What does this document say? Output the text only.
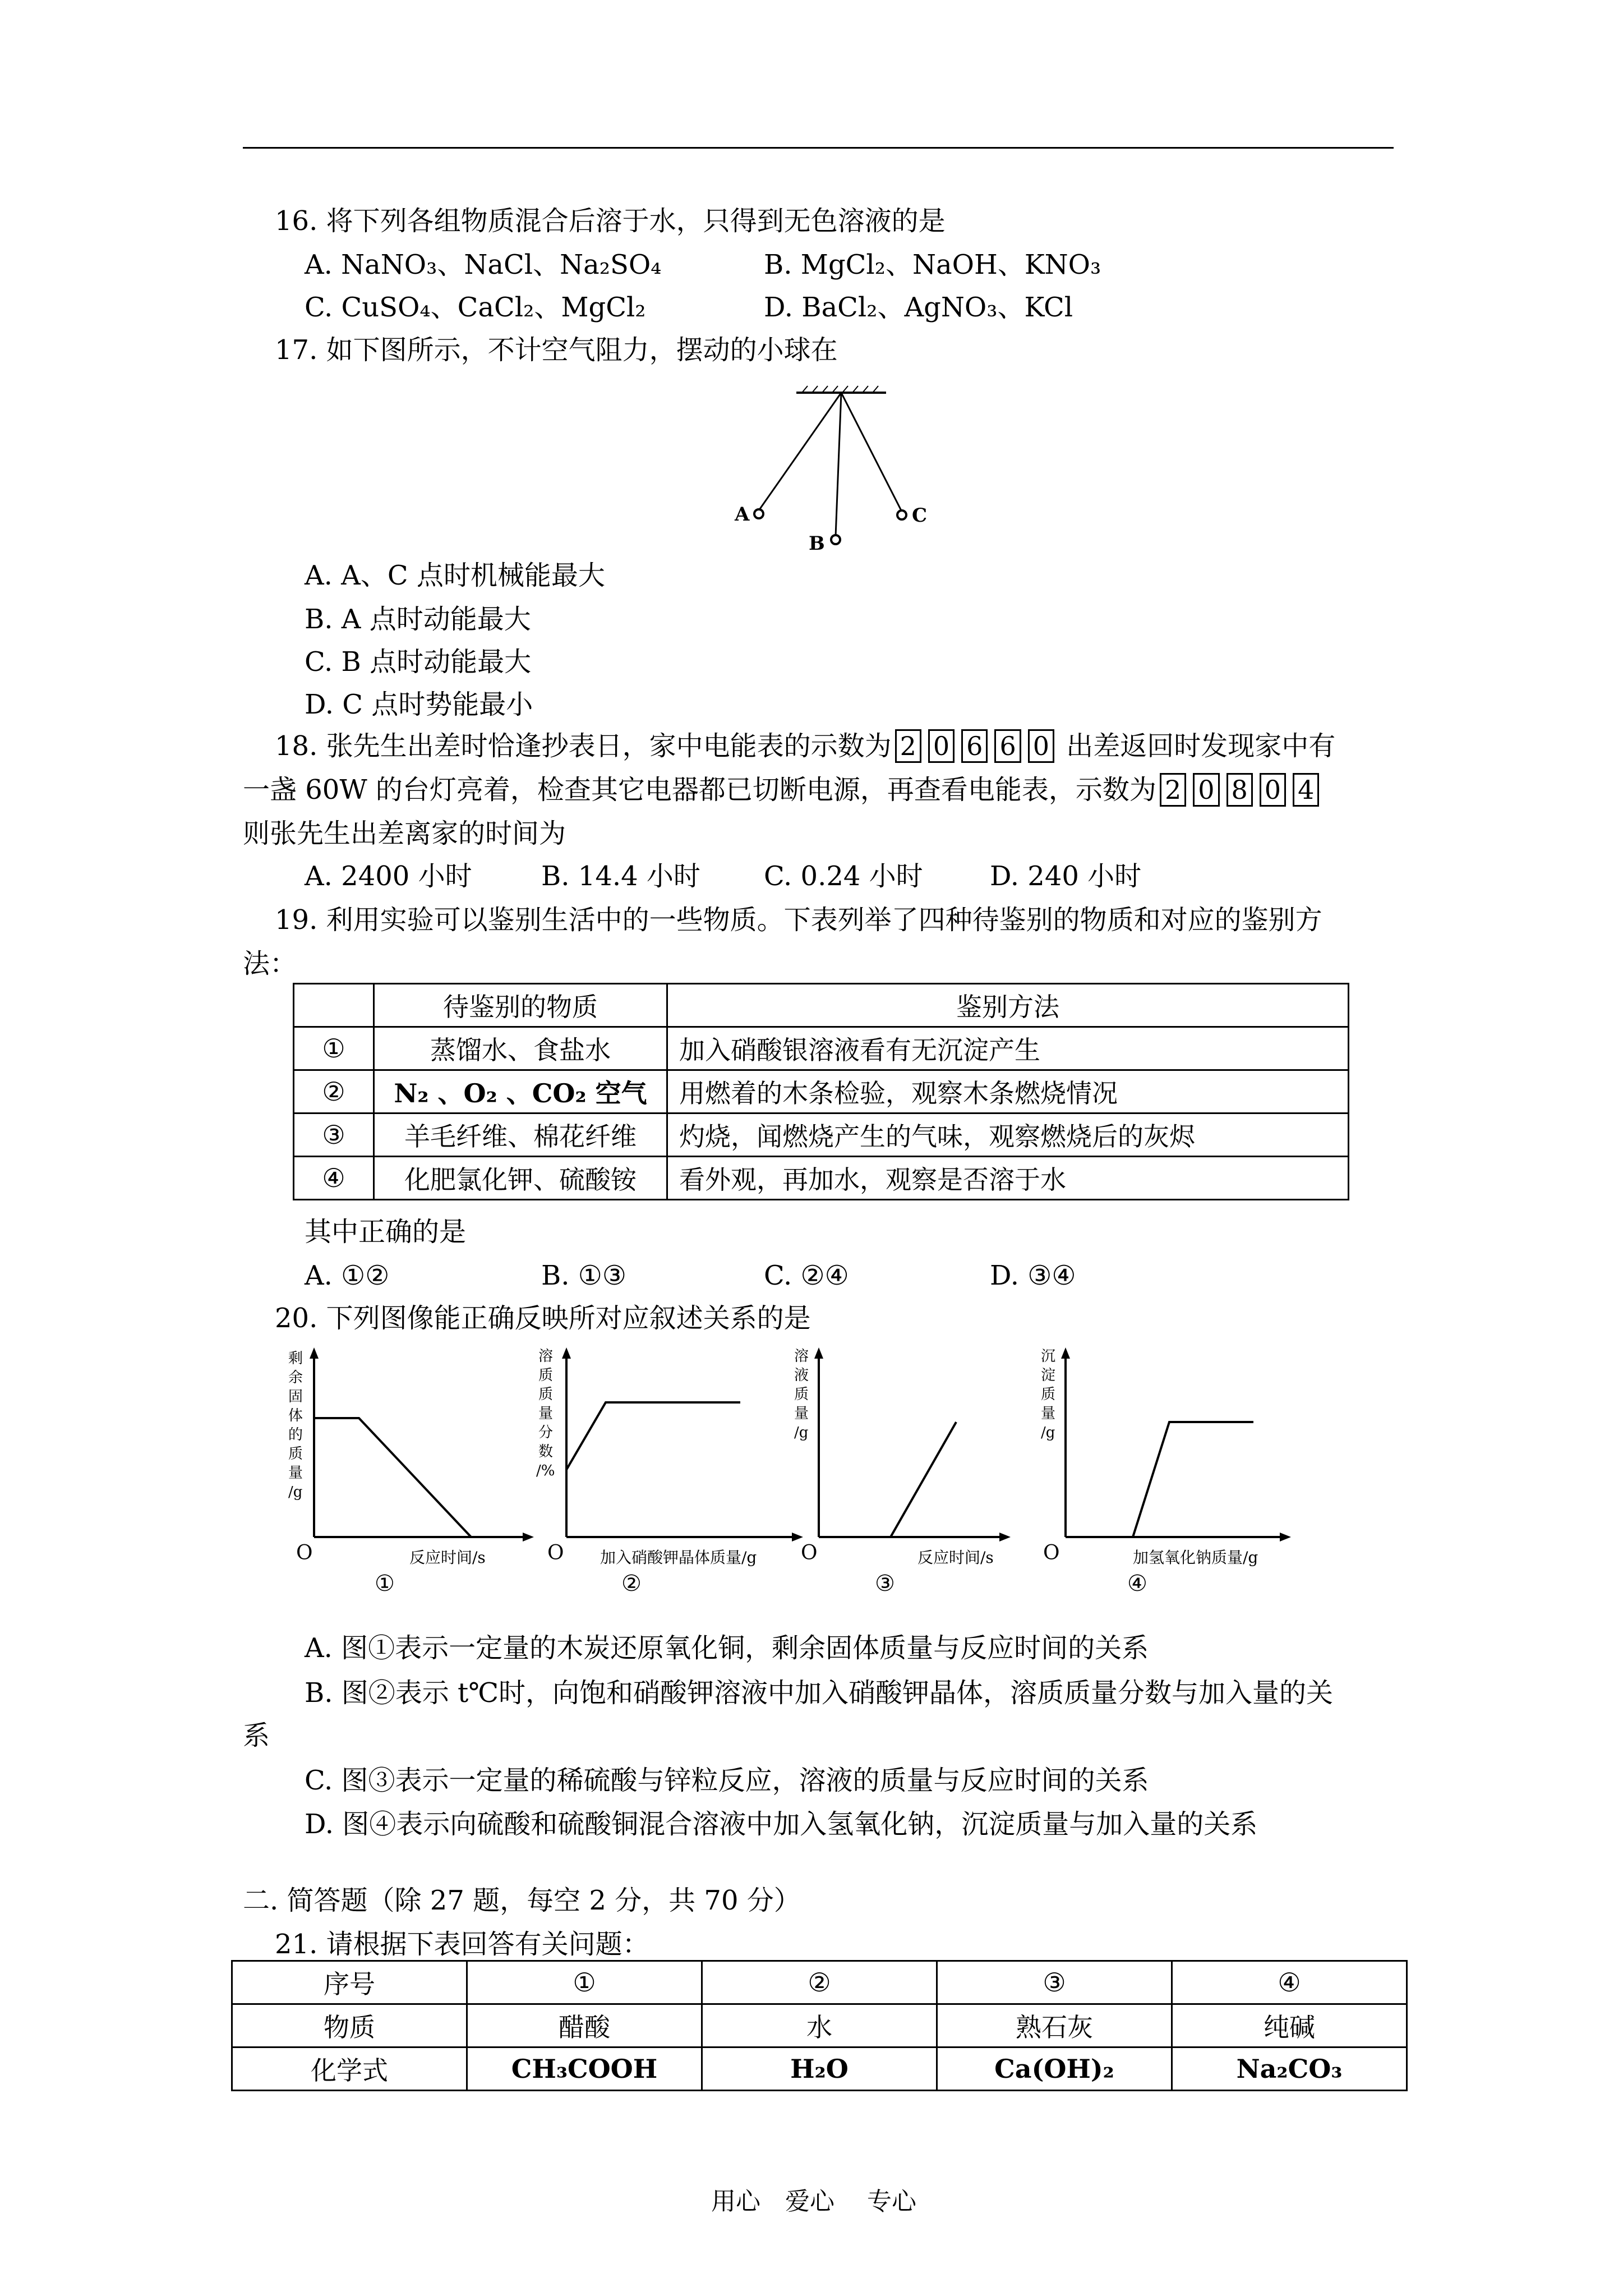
16. 将下列各组物质混合后溶于水，只得到无色溶液的是
A. NaNO₃、NaCl、Na₂SO₄	B. MgCl₂、NaOH、KNO₃
C. CuSO₄、CaCl₂、MgCl₂	D. BaCl₂、AgNO₃、KCl
17. 如下图所示，不计空气阻力，摆动的小球在
A
B
C
A. A、C 点时机械能最大
B. A 点时动能最大
C. B 点时动能最大
D. C 点时势能最小
18. 张先生出差时恰逢抄表日，家中电能表的示数为 2 0 6 6 0 出差返回时发现家中有
一盏 60W 的台灯亮着，检查其它电器都已切断电源，再查看电能表，示数为 2 0 8 0 4
则张先生出差离家的时间为
A. 2400 小时	B. 14.4 小时 C. 0.24 小时 D. 240 小时
19. 利用实验可以鉴别生活中的一些物质。下表列举了四种待鉴别的物质和对应的鉴别方
法：
	待鉴别的物质	鉴别方法
①	蒸馏水、食盐水	加入硝酸银溶液看有无沉淀产生
②	N₂ 、O₂ 、CO₂ 空气	用燃着的木条检验，观察木条燃烧情况
③	羊毛纤维、棉花纤维	灼烧，闻燃烧产生的气味，观察燃烧后的灰烬
④	化肥氯化钾、硫酸铵	看外观，再加水，观察是否溶于水
其中正确的是
A. ①②	B. ①③	C. ②④	D. ③④
20. 下列图像能正确反映所对应叙述关系的是
剩余固体的质量/g
O	反应时间/s
①
溶质质量分数/%
O 加入硝酸钾晶体质量/g
②
溶液质量/g
O	反应时间/s
③
沉淀质量/g
O	加氢氧化钠质量/g
④
A. 图①表示一定量的木炭还原氧化铜，剩余固体质量与反应时间的关系
B. 图②表示 t℃时，向饱和硝酸钾溶液中加入硝酸钾晶体，溶质质量分数与加入量的关
系
C. 图③表示一定量的稀硫酸与锌粒反应，溶液的质量与反应时间的关系
D. 图④表示向硫酸和硫酸铜混合溶液中加入氢氧化钠，沉淀质量与加入量的关系
二. 简答题（除 27 题，每空 2 分，共 70 分）
21. 请根据下表回答有关问题：
序号	①	②	③	④
物质	醋酸	水	熟石灰	纯碱
化学式	CH₃COOH	H₂O	Ca(OH)₂	Na₂CO₃
用心　爱心　 专心
